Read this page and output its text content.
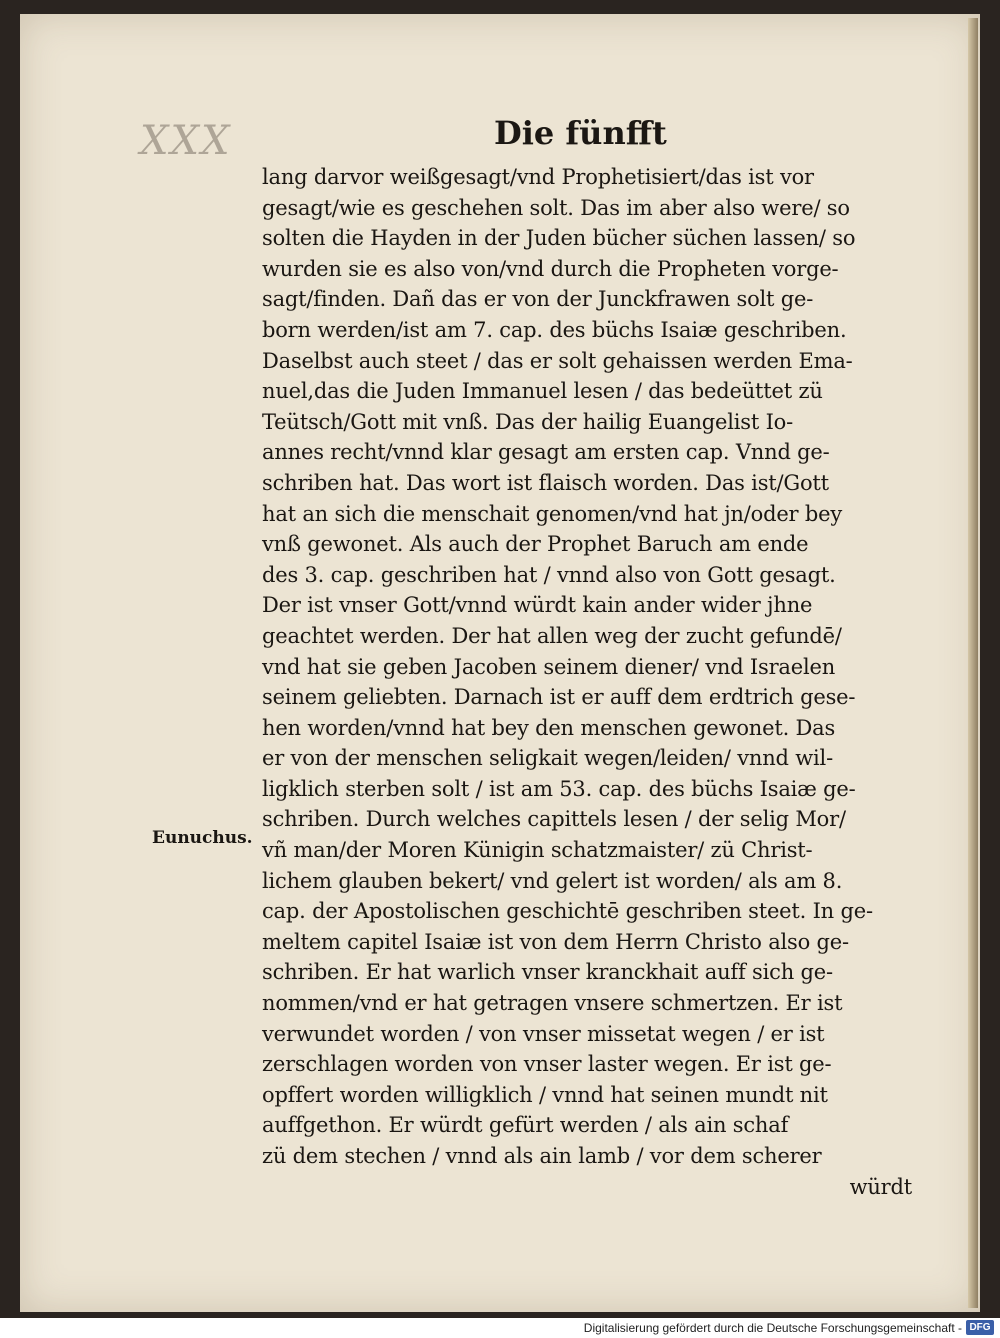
XXX	Die fünfft
Eunuchus.
lang darvor weißgesagt/vnd Prophetisiert/das ist vor
gesagt/wie es geschehen solt. Das im aber also were/ so
solten die Hayden in der Juden bücher süchen lassen/ so
wurden sie es also von/vnd durch die Propheten vorge-
sagt/finden. Dañ das er von der Junckfrawen solt ge-
born werden/ist am 7. cap. des büchs Isaiæ geschriben.
Daselbst auch steet / das er solt gehaissen werden Ema-
nuel,das die Juden Immanuel lesen / das bedeüttet zü
Teütsch/Gott mit vnß. Das der hailig Euangelist Io-
annes recht/vnnd klar gesagt am ersten cap. Vnnd ge-
schriben hat. Das wort ist flaisch worden. Das ist/Gott
hat an sich die menschait genomen/vnd hat jn/oder bey
vnß gewonet. Als auch der Prophet Baruch am ende
des 3. cap. geschriben hat / vnnd also von Gott gesagt.
Der ist vnser Gott/vnnd würdt kain ander wider jhne
geachtet werden. Der hat allen weg der zucht gefundē/
vnd hat sie geben Jacoben seinem diener/ vnd Israelen
seinem geliebten. Darnach ist er auff dem erdtrich gese-
hen worden/vnnd hat bey den menschen gewonet. Das
er von der menschen seligkait wegen/leiden/ vnnd wil-
ligklich sterben solt / ist am 53. cap. des büchs Isaiæ ge-
schriben. Durch welches capittels lesen / der selig Mor/
vñ man/der Moren Künigin schatzmaister/ zü Christ-
lichem glauben bekert/ vnd gelert ist worden/ als am 8.
cap. der Apostolischen geschichtē geschriben steet. In ge-
meltem capitel Isaiæ ist von dem Herrn Christo also ge-
schriben. Er hat warlich vnser kranckhait auff sich ge-
nommen/vnd er hat getragen vnsere schmertzen. Er ist
verwundet worden / von vnser missetat wegen / er ist
zerschlagen worden von vnser laster wegen. Er ist ge-
opffert worden willigklich / vnnd hat seinen mundt nit
auffgethon. Er würdt gefürt werden / als ain schaf
zü dem stechen / vnnd als ain lamb / vor dem scherer
würdt
Digitalisierung gefördert durch die Deutsche Forschungsgemeinschaft - DFG
